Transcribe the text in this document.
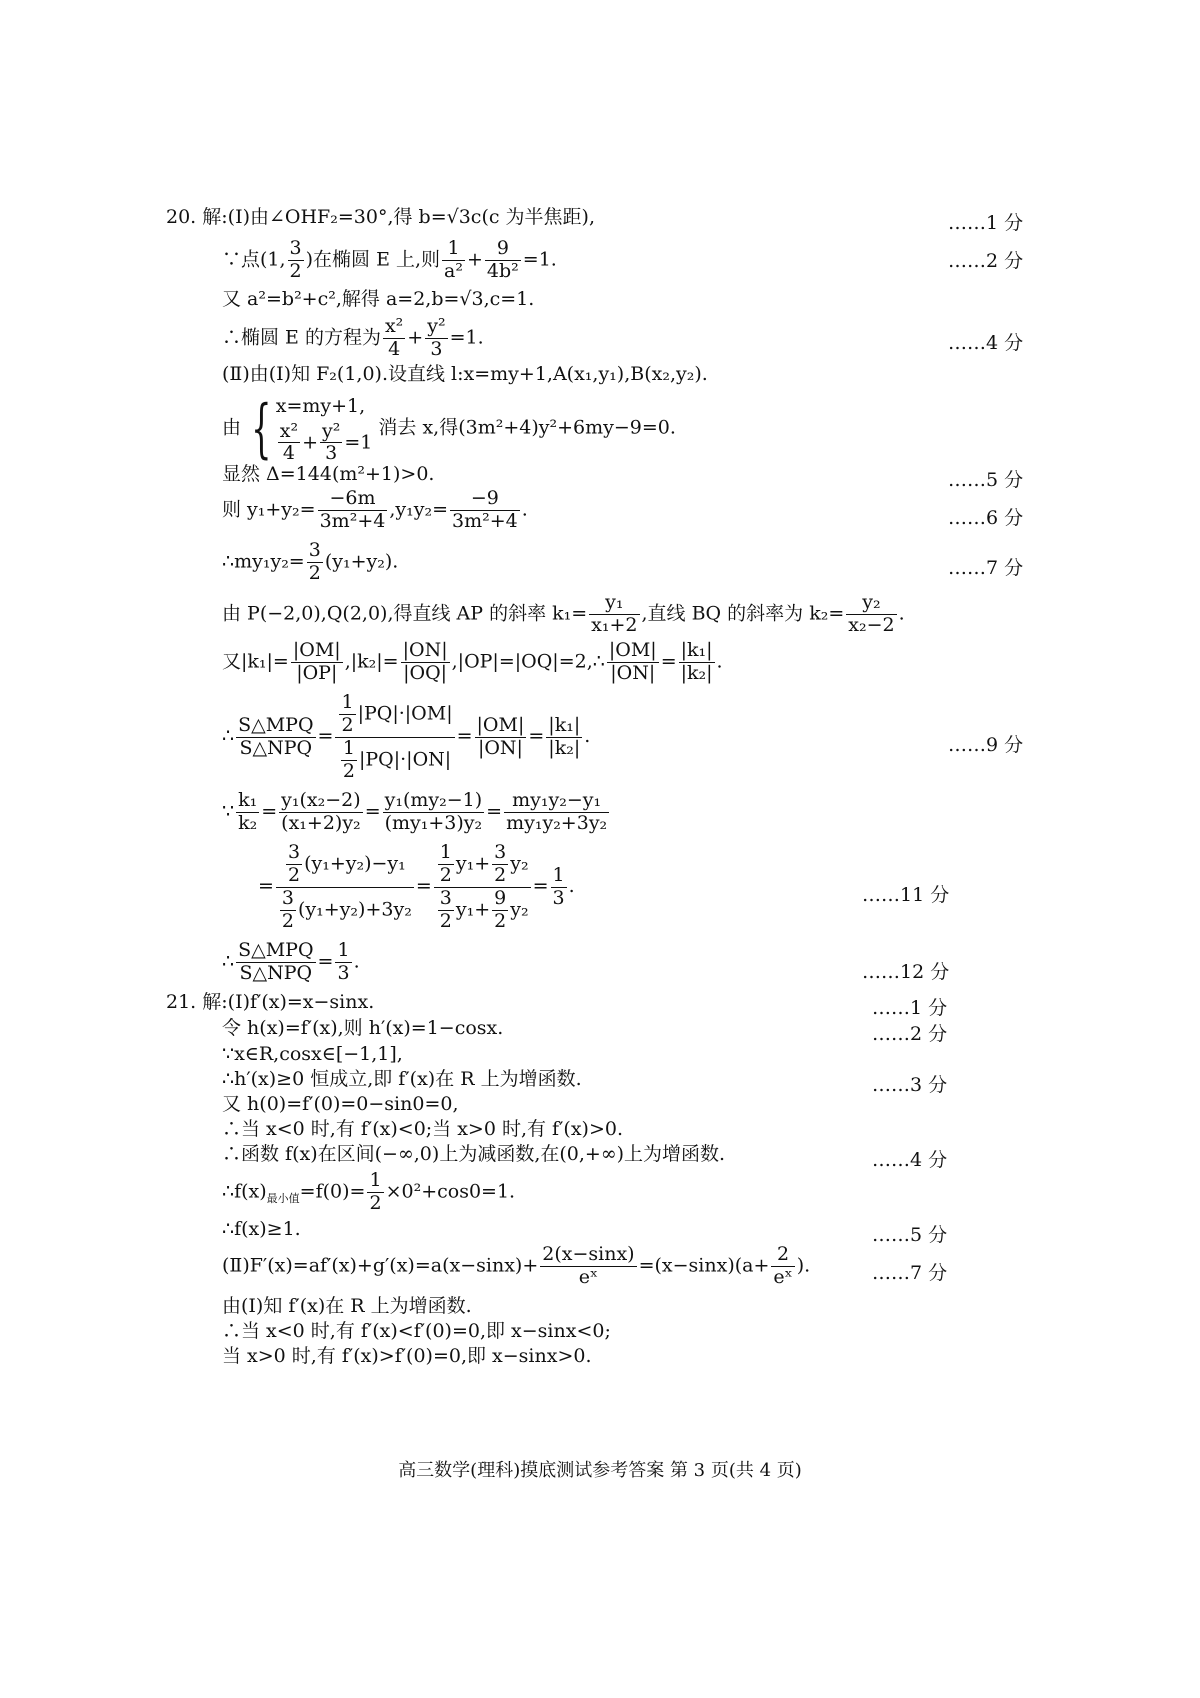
20. 解:(Ⅰ)由∠OHF₂=30°,得 b=√3c(c 为半焦距),	……1 分
∵点(1, $\frac{3}{2}$ )在椭圆 E 上,则 $\frac{1}{\text{a²}} + \frac{9}{\text{4b²}} =1$.	……2 分
又 a²=b²+c²,解得 a=2,b=√3,c=1.
∴椭圆 E 的方程为 $\frac{\text{x²}}{4} + \frac{\text{y²}}{3} =1$.	……4 分
(Ⅱ)由(Ⅰ)知 F₂(1,0).设直线 l:x=my+1,A(x₁,y₁),B(x₂,y₂).
由 { x=my+1,
$\frac{\text{x²}}{4} + \frac{\text{y²}}{3} =1$
消去 x,得(3m²+4)y²+6my−9=0.
显然 Δ=144(m²+1)>0.	……5 分
则 $y_1+y_2= \frac{-6m}{\text{3m²+4}} ,y_1y_2= \frac{-9}{\text{3m²+4}}$ .	……6 分
∴my₁y₂= $\frac{3}{2} (y_1+y_2)$.	……7 分
由 P(−2,0),Q(2,0),得直线 AP 的斜率 $k_1= \frac{\text{y₁}}{\text{x₁+2}}$ ,直线 BQ 的斜率为 $k_2= \frac{\text{y₂}}{\text{x₂−2}}$ .
又$|k_1|= \frac{|OM|}{|OP|} ,|k_2|= \frac{|ON|}{|OQ|}$ ,|OP|=|OQ|=2,∴ $\frac{|OM|}{|ON|} = \frac{\text{|k₁|}}{\text{|k₂|}}$ .
∴ $\frac{\text{S△MPQ}}{\text{S△NPQ}} = \frac{\frac{1}{2} |PQ|\cdot|OM|}{\frac{1}{2} |PQ|\cdot|ON|} = \frac{|OM|}{|ON|} = \frac{\text{|k₁|}}{\text{|k₂|}}$ .	……9 分
∵ $\frac{\text{k₁}}{\text{k₂}} = \frac{\text{y₁(x₂−2)}}{\text{(x₁+2)y₂}} = \frac{\text{y₁(my₂−1)}}{\text{(my₁+3)y₂}} = \frac{\text{my₁y₂−y₁}}{\text{my₁y₂+3y₂}}$
= $\frac{\frac{3}{2} (y_1+y_2)-y_1}{\frac{3}{2} (y_1+y_2)+3y_2} = \frac{\frac{1}{2} y_1+ \frac{3}{2} y_2}{\frac{3}{2} y_1+ \frac{9}{2} y_2} = \frac{1}{3}$ .	……11 分
∴ $\frac{\text{S△MPQ}}{\text{S△NPQ}} = \frac{1}{3}$ .	……12 分
21. 解:(Ⅰ)f′(x)=x−sinx.	……1 分
令 h(x)=f′(x),则 h′(x)=1−cosx.	……2 分
∵x∈R,cosx∈[−1,1],
∴h′(x)≥0 恒成立,即 f′(x)在 R 上为增函数.	……3 分
又 h(0)=f′(0)=0−sin0=0,
∴当 x<0 时,有 f′(x)<0;当 x>0 时,有 f′(x)>0.
∴函数 f(x)在区间(−∞,0)上为减函数,在(0,+∞)上为增函数.	……4 分
$\therefore f(x)_{最小值}=f(0)= \frac{1}{2} \times 0^2+\cos 0=1$.
∴f(x)≥1.	……5 分
(Ⅱ)F′(x)=af′(x)+g′(x)=a(x−sinx)+ $\frac{2(x-\sin x)}{\text{eˣ}} =(x-\sin x)(a+ \frac{2}{\text{eˣ}}$ ).	……7 分
由(Ⅰ)知 f′(x)在 R 上为增函数.
∴当 x<0 时,有 f′(x)<f′(0)=0,即 x−sinx<0;
当 x>0 时,有 f′(x)>f′(0)=0,即 x−sinx>0.
高三数学(理科)摸底测试参考答案 第 3 页(共 4 页)
